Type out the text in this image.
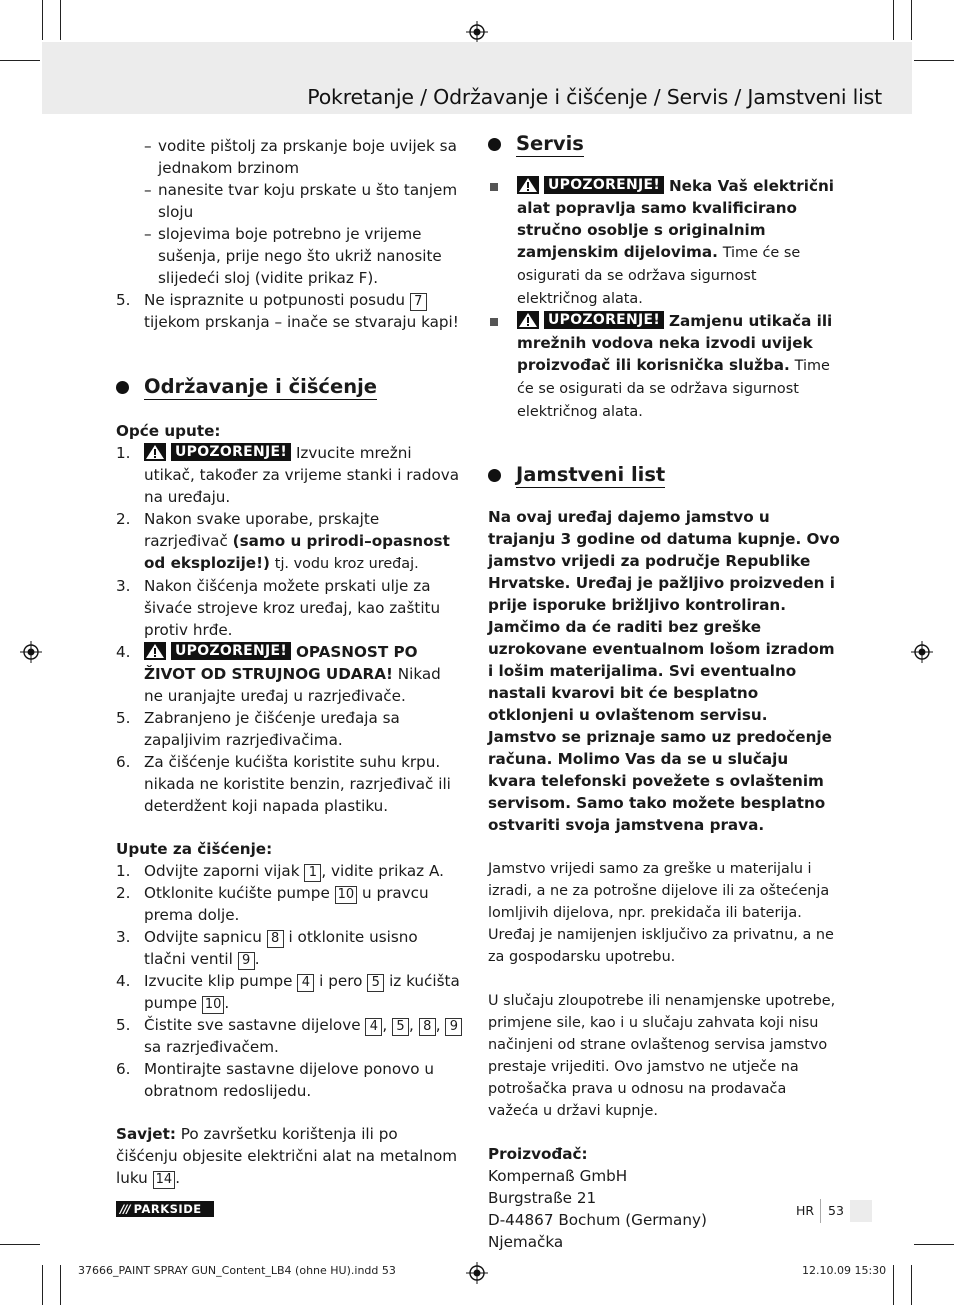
Pokretanje / Održavanje i čišćenje / Servis / Jamstveni list
– vodite pištolj za prskanje boje uvijek sa jednakom brzinom
– nanesite tvar koju prskate u što tanjem sloju
– slojevima boje potrebno je vrijeme sušenja, prije nego što ukriž nanosite slijedeći sloj (vidite prikaz F).
5. Ne ispraznite u potpunosti posudu 7 tijekom prskanja – inače se stvaraju kapi!
Održavanje i čišćenje
Opće upute:
1.	UPOZORENJE! Izvucite mrežni utikač, također za vrijeme stanki i radova na uređaju.
2. Nakon svake uporabe, prskajte razrjeđivač (samo u prirodi–opasnost od eksplozije!) tj. vodu kroz uređaj.
3. Nakon čišćenja možete prskati ulje za šivaće strojeve kroz uređaj, kao zaštitu protiv hrđe.
4.	UPOZORENJE! OPASNOST PO ŽIVOT OD STRUJNOG UDARA! Nikad ne uranjajte uređaj u razrjeđivače.
5. Zabranjeno je čišćenje uređaja sa zapaljivim razrjeđivačima.
6. Za čišćenje kućišta koristite suhu krpu. nikada ne koristite benzin, razrjeđivač ili deterdžent koji napada plastiku.
Upute za čišćenje:
1. Odvijte zaporni vijak 1 , vidite prikaz A.
2. Otklonite kućište pumpe 10 u pravcu prema dolje.
3. Odvijte sapnicu 8 i otklonite usisno tlačni ventil 9 .
4. Izvucite klip pumpe 4 i pero 5 iz kućišta pumpe 10 .
5. Čistite sve sastavne dijelove 4 , 5 , 8 , 9 sa razrjeđivačem.
6. Montirajte sastavne dijelove ponovo u obratnom redoslijedu.
Savjet: Po završetku korištenja ili po čišćenju objesite električni alat na metalnom luku 14 .
Servis
UPOZORENJE! Neka Vaš električni alat popravlja samo kvalificirano stručno osoblje s originalnim zamjenskim dijelovima. Time će se osigurati da se održava sigurnost električnog alata.
UPOZORENJE! Zamjenu utikača ili mrežnih vodova neka izvodi uvijek proizvođač ili korisnička služba. Time će se osigurati da se održava sigurnost električnog alata.
Jamstveni list
Na ovaj uređaj dajemo jamstvo u trajanju 3 godine od datuma kupnje. Ovo jamstvo vrijedi za područje Republike Hrvatske. Uređaj je pažljivo proizveden i prije isporuke brižljivo kontroliran. Jamčimo da će raditi bez greške uzrokovane eventualnom lošom izradom i lošim materijalima. Svi eventualno nastali kvarovi bit će besplatno otklonjeni u ovlaštenom servisu. Jamstvo se priznaje samo uz predočenje računa. Molimo Vas da se u slučaju kvara telefonski povežete s ovlaštenim servisom. Samo tako možete besplatno ostvariti svoja jamstvena prava.
Jamstvo vrijedi samo za greške u materijalu i izradi, a ne za potrošne dijelove ili za oštećenja lomljivih dijelova, npr. prekidača ili baterija. Uređaj je namijenjen isključivo za privatnu, a ne za gospodarsku upotrebu.
U slučaju zloupotrebe ili nenamjenske upotrebe, primjene sile, kao i u slučaju zahvata koji nisu načinjeni od strane ovlaštenog servisa jamstvo prestaje vrijediti. Ovo jamstvo ne utječe na potrošačka prava u odnosu na prodavača važeća u državi kupnje.
Proizvođač:
Kompernaß GmbH
Burgstraße 21
D-44867 Bochum (Germany)
Njemačka
/// PARKSIDE	HR 53
37666_PAINT SPRAY GUN_Content_LB4 (ohne HU).indd 53	12.10.09 15:30
